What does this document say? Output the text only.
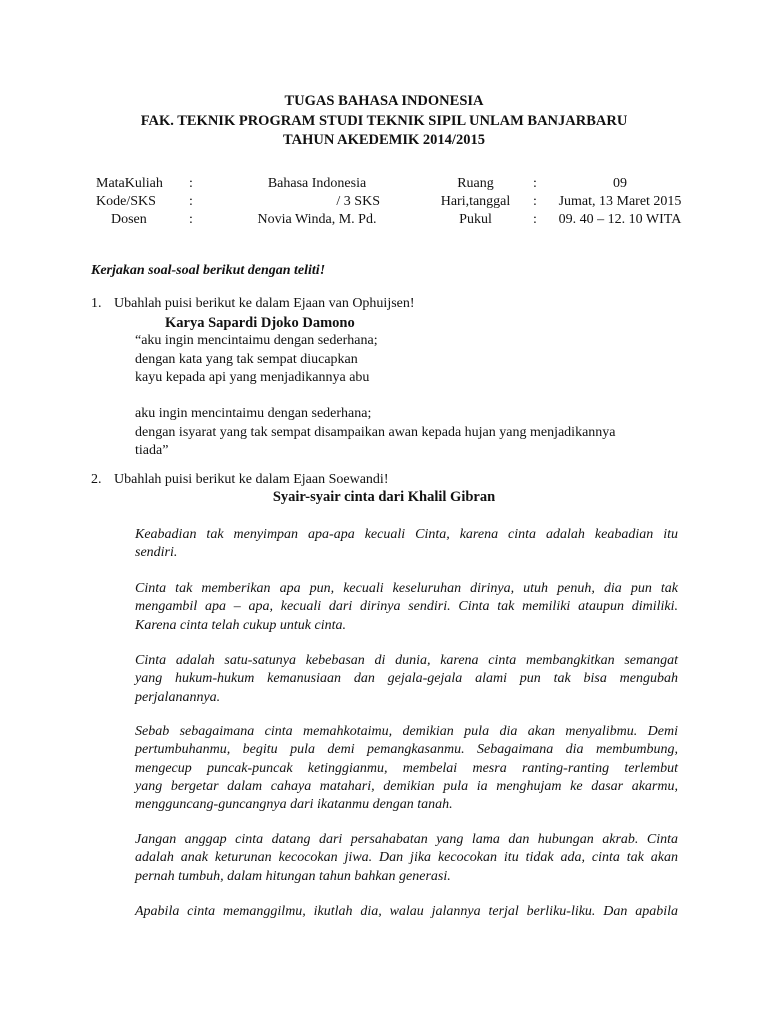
TUGAS BAHASA INDONESIA
FAK. TEKNIK PROGRAM STUDI TEKNIK SIPIL UNLAM BANJARBARU
TAHUN AKEDEMIK 2014/2015
MataKuliah :	Bahasa Indonesia	Ruang	:	09
Kode/SKS :	/ 3 SKS	Hari,tanggal	:	Jumat, 13 Maret 2015
Dosen	:	Novia Winda, M. Pd.	Pukul	:	09. 40 – 12. 10 WITA
Kerjakan soal-soal berikut dengan teliti!
1. Ubahlah puisi berikut ke dalam Ejaan van Ophuijsen!
Karya Sapardi Djoko Damono
“aku ingin mencintaimu dengan sederhana;
dengan kata yang tak sempat diucapkan
kayu kepada api yang menjadikannya abu
aku ingin mencintaimu dengan sederhana;
dengan isyarat yang tak sempat disampaikan awan kepada hujan yang menjadikannya
tiada”
2. Ubahlah puisi berikut ke dalam Ejaan Soewandi!
Syair-syair cinta dari Khalil Gibran
Keabadian tak menyimpan apa-apa kecuali Cinta, karena cinta adalah keabadian itu
sendiri.
Cinta tak memberikan apa pun, kecuali keseluruhan dirinya, utuh penuh, dia pun tak
mengambil apa – apa, kecuali dari dirinya sendiri. Cinta tak memiliki ataupun dimiliki.
Karena cinta telah cukup untuk cinta.
Cinta adalah satu-satunya kebebasan di dunia, karena cinta membangkitkan semangat
yang hukum-hukum kemanusiaan dan gejala-gejala alami pun tak bisa mengubah
perjalanannya.
Sebab sebagaimana cinta memahkotaimu, demikian pula dia akan menyalibmu. Demi
pertumbuhanmu, begitu pula demi pemangkasanmu. Sebagaimana dia membumbung,
mengecup puncak-puncak ketinggianmu, membelai mesra ranting-ranting terlembut
yang bergetar dalam cahaya matahari, demikian pula ia menghujam ke dasar akarmu,
mengguncang-guncangnya dari ikatanmu dengan tanah.
Jangan anggap cinta datang dari persahabatan yang lama dan hubungan akrab. Cinta
adalah anak keturunan kecocokan jiwa. Dan jika kecocokan itu tidak ada, cinta tak akan
pernah tumbuh, dalam hitungan tahun bahkan generasi.
Apabila cinta memanggilmu, ikutlah dia, walau jalannya terjal berliku-liku. Dan apabila
